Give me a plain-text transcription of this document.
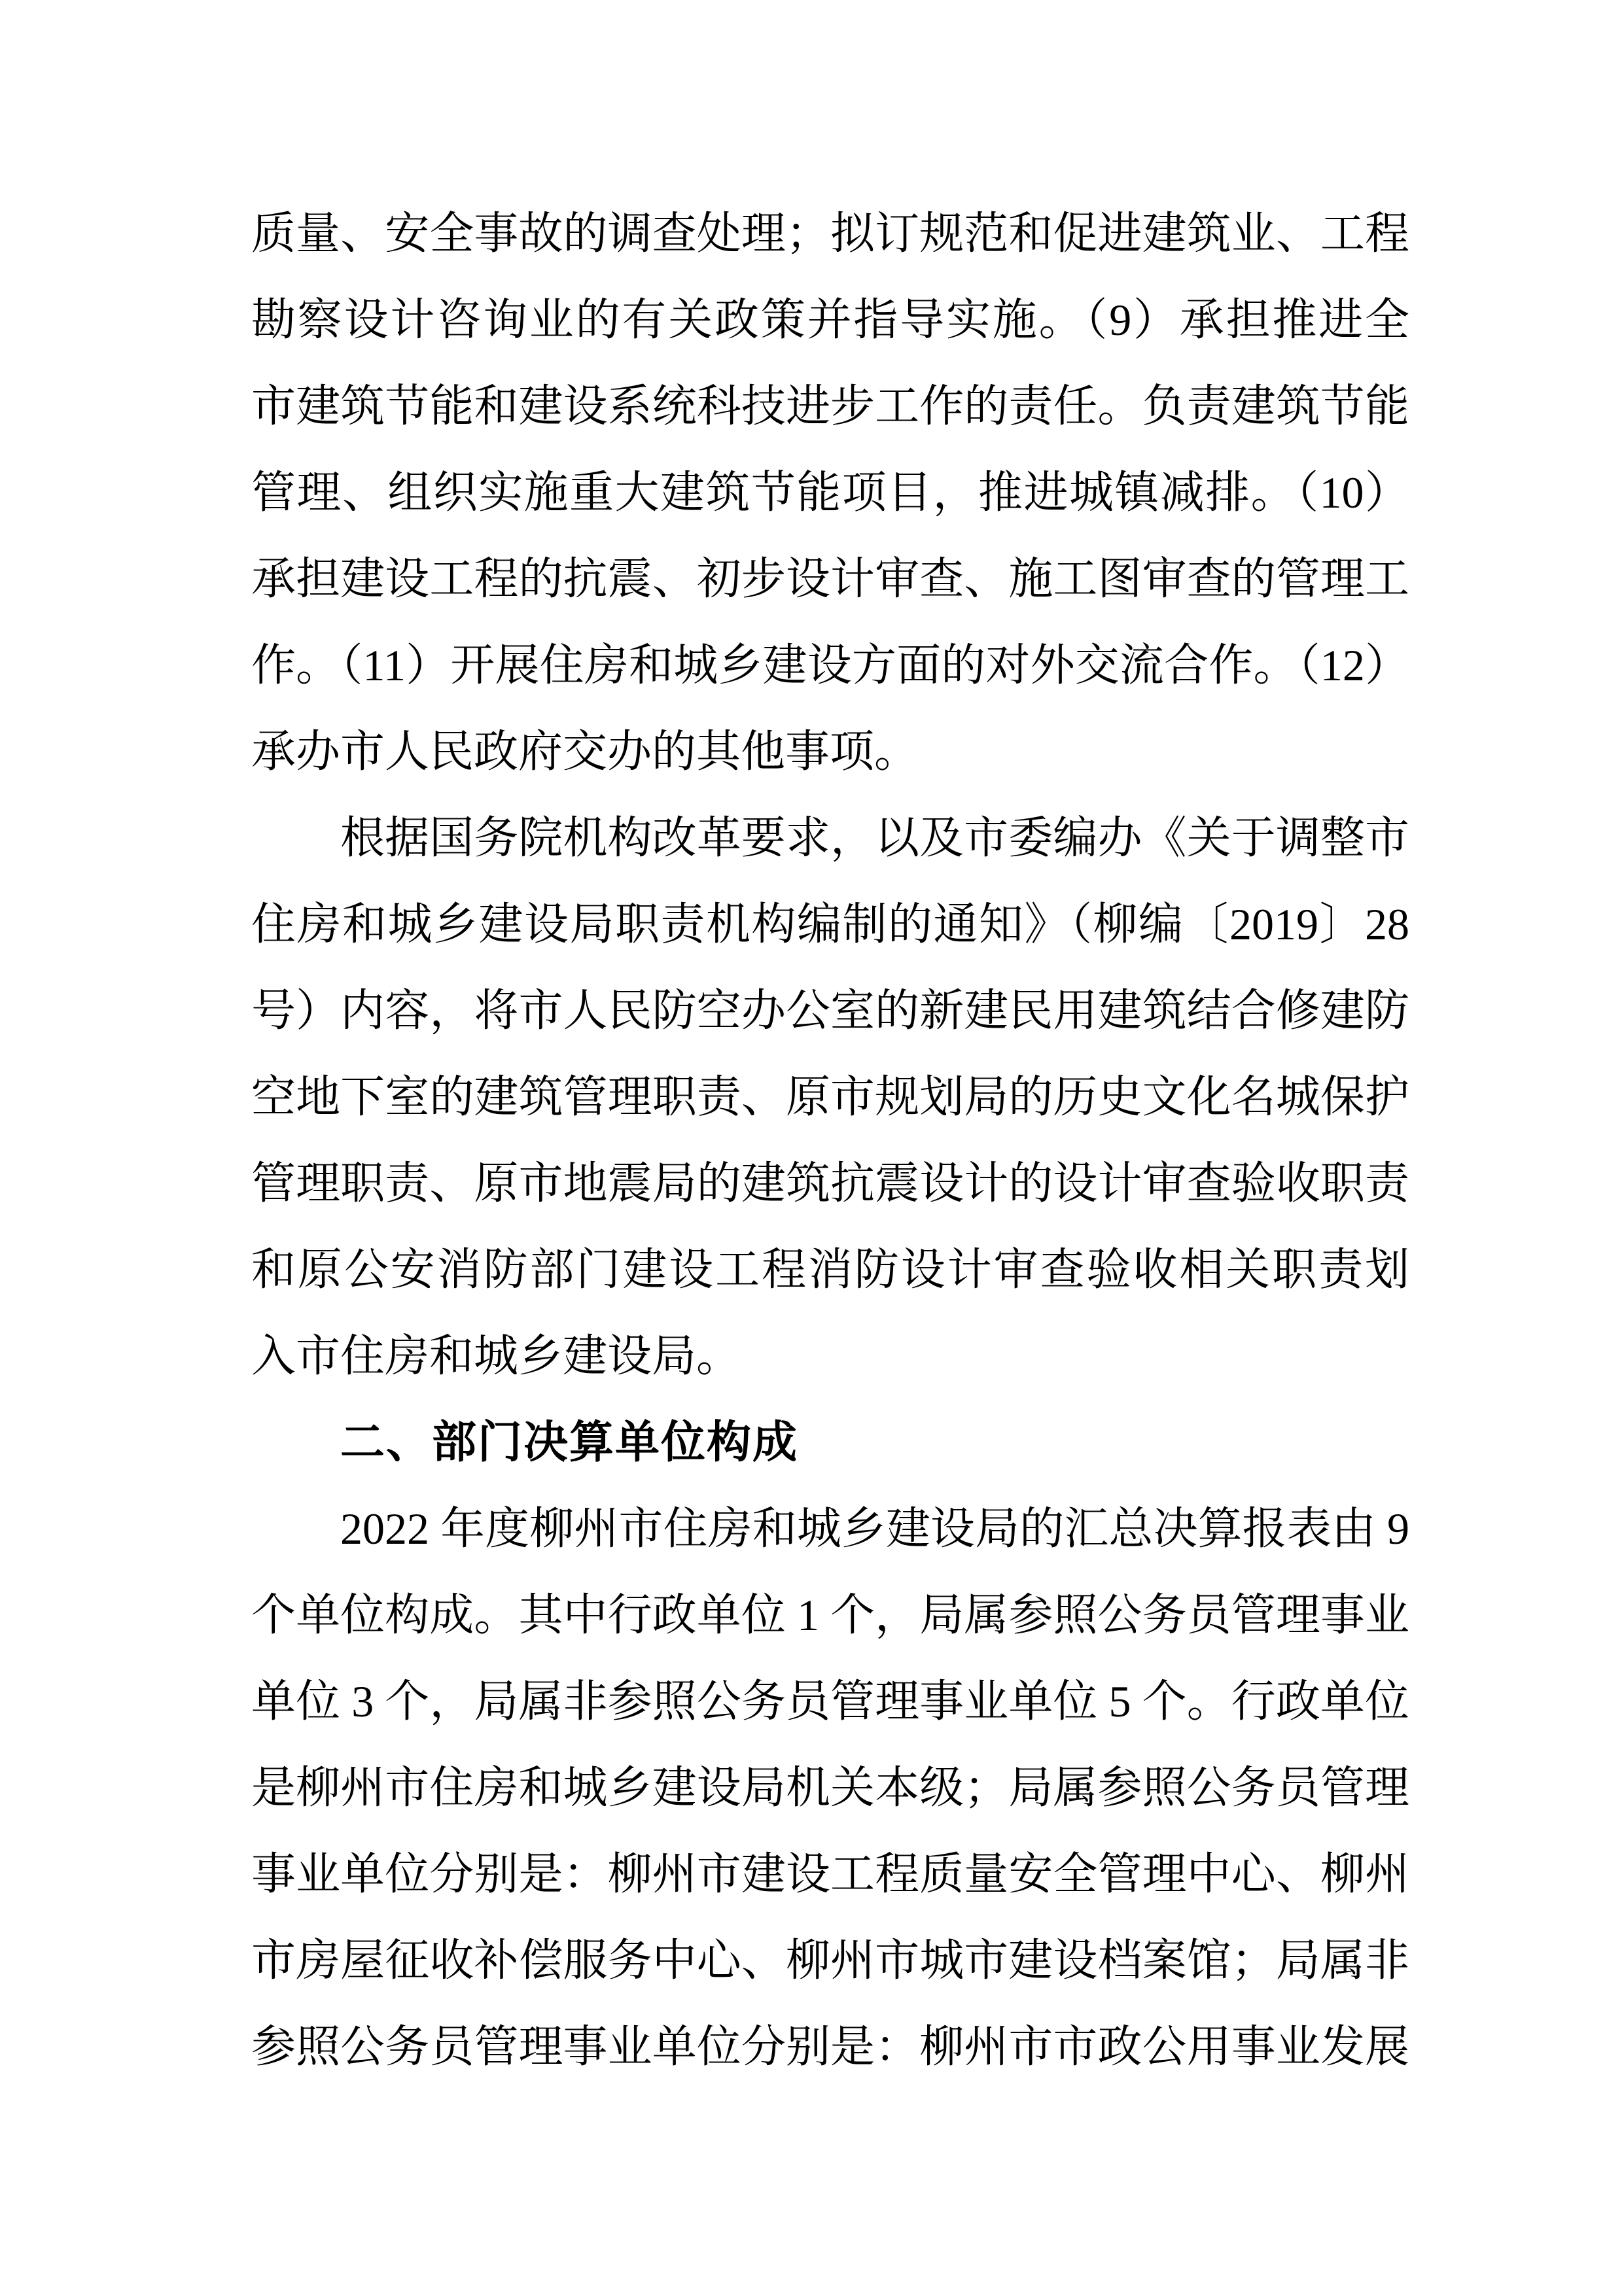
质量、安全事故的调查处理；拟订规范和促进建筑业、工程
勘察设计咨询业的有关政策并指导实施。（9）承担推进全
市建筑节能和建设系统科技进步工作的责任。负责建筑节能
管理、组织实施重大建筑节能项目，推进城镇减排。（10）
承担建设工程的抗震、初步设计审查、施工图审查的管理工
作。（11）开展住房和城乡建设方面的对外交流合作。（12）
承办市人民政府交办的其他事项。
根据国务院机构改革要求，以及市委编办《关于调整市
住房和城乡建设局职责机构编制的通知》（柳编〔2019〕28
号）内容，将市人民防空办公室的新建民用建筑结合修建防
空地下室的建筑管理职责、原市规划局的历史文化名城保护
管理职责、原市地震局的建筑抗震设计的设计审查验收职责
和原公安消防部门建设工程消防设计审查验收相关职责划
入市住房和城乡建设局。
二、部门决算单位构成
2022 年度柳州市住房和城乡建设局的汇总决算报表由 9
个单位构成。其中行政单位 1 个，局属参照公务员管理事业
单位 3 个，局属非参照公务员管理事业单位 5 个。行政单位
是柳州市住房和城乡建设局机关本级；局属参照公务员管理
事业单位分别是：柳州市建设工程质量安全管理中心、柳州
市房屋征收补偿服务中心、柳州市城市建设档案馆；局属非
参照公务员管理事业单位分别是：柳州市市政公用事业发展
